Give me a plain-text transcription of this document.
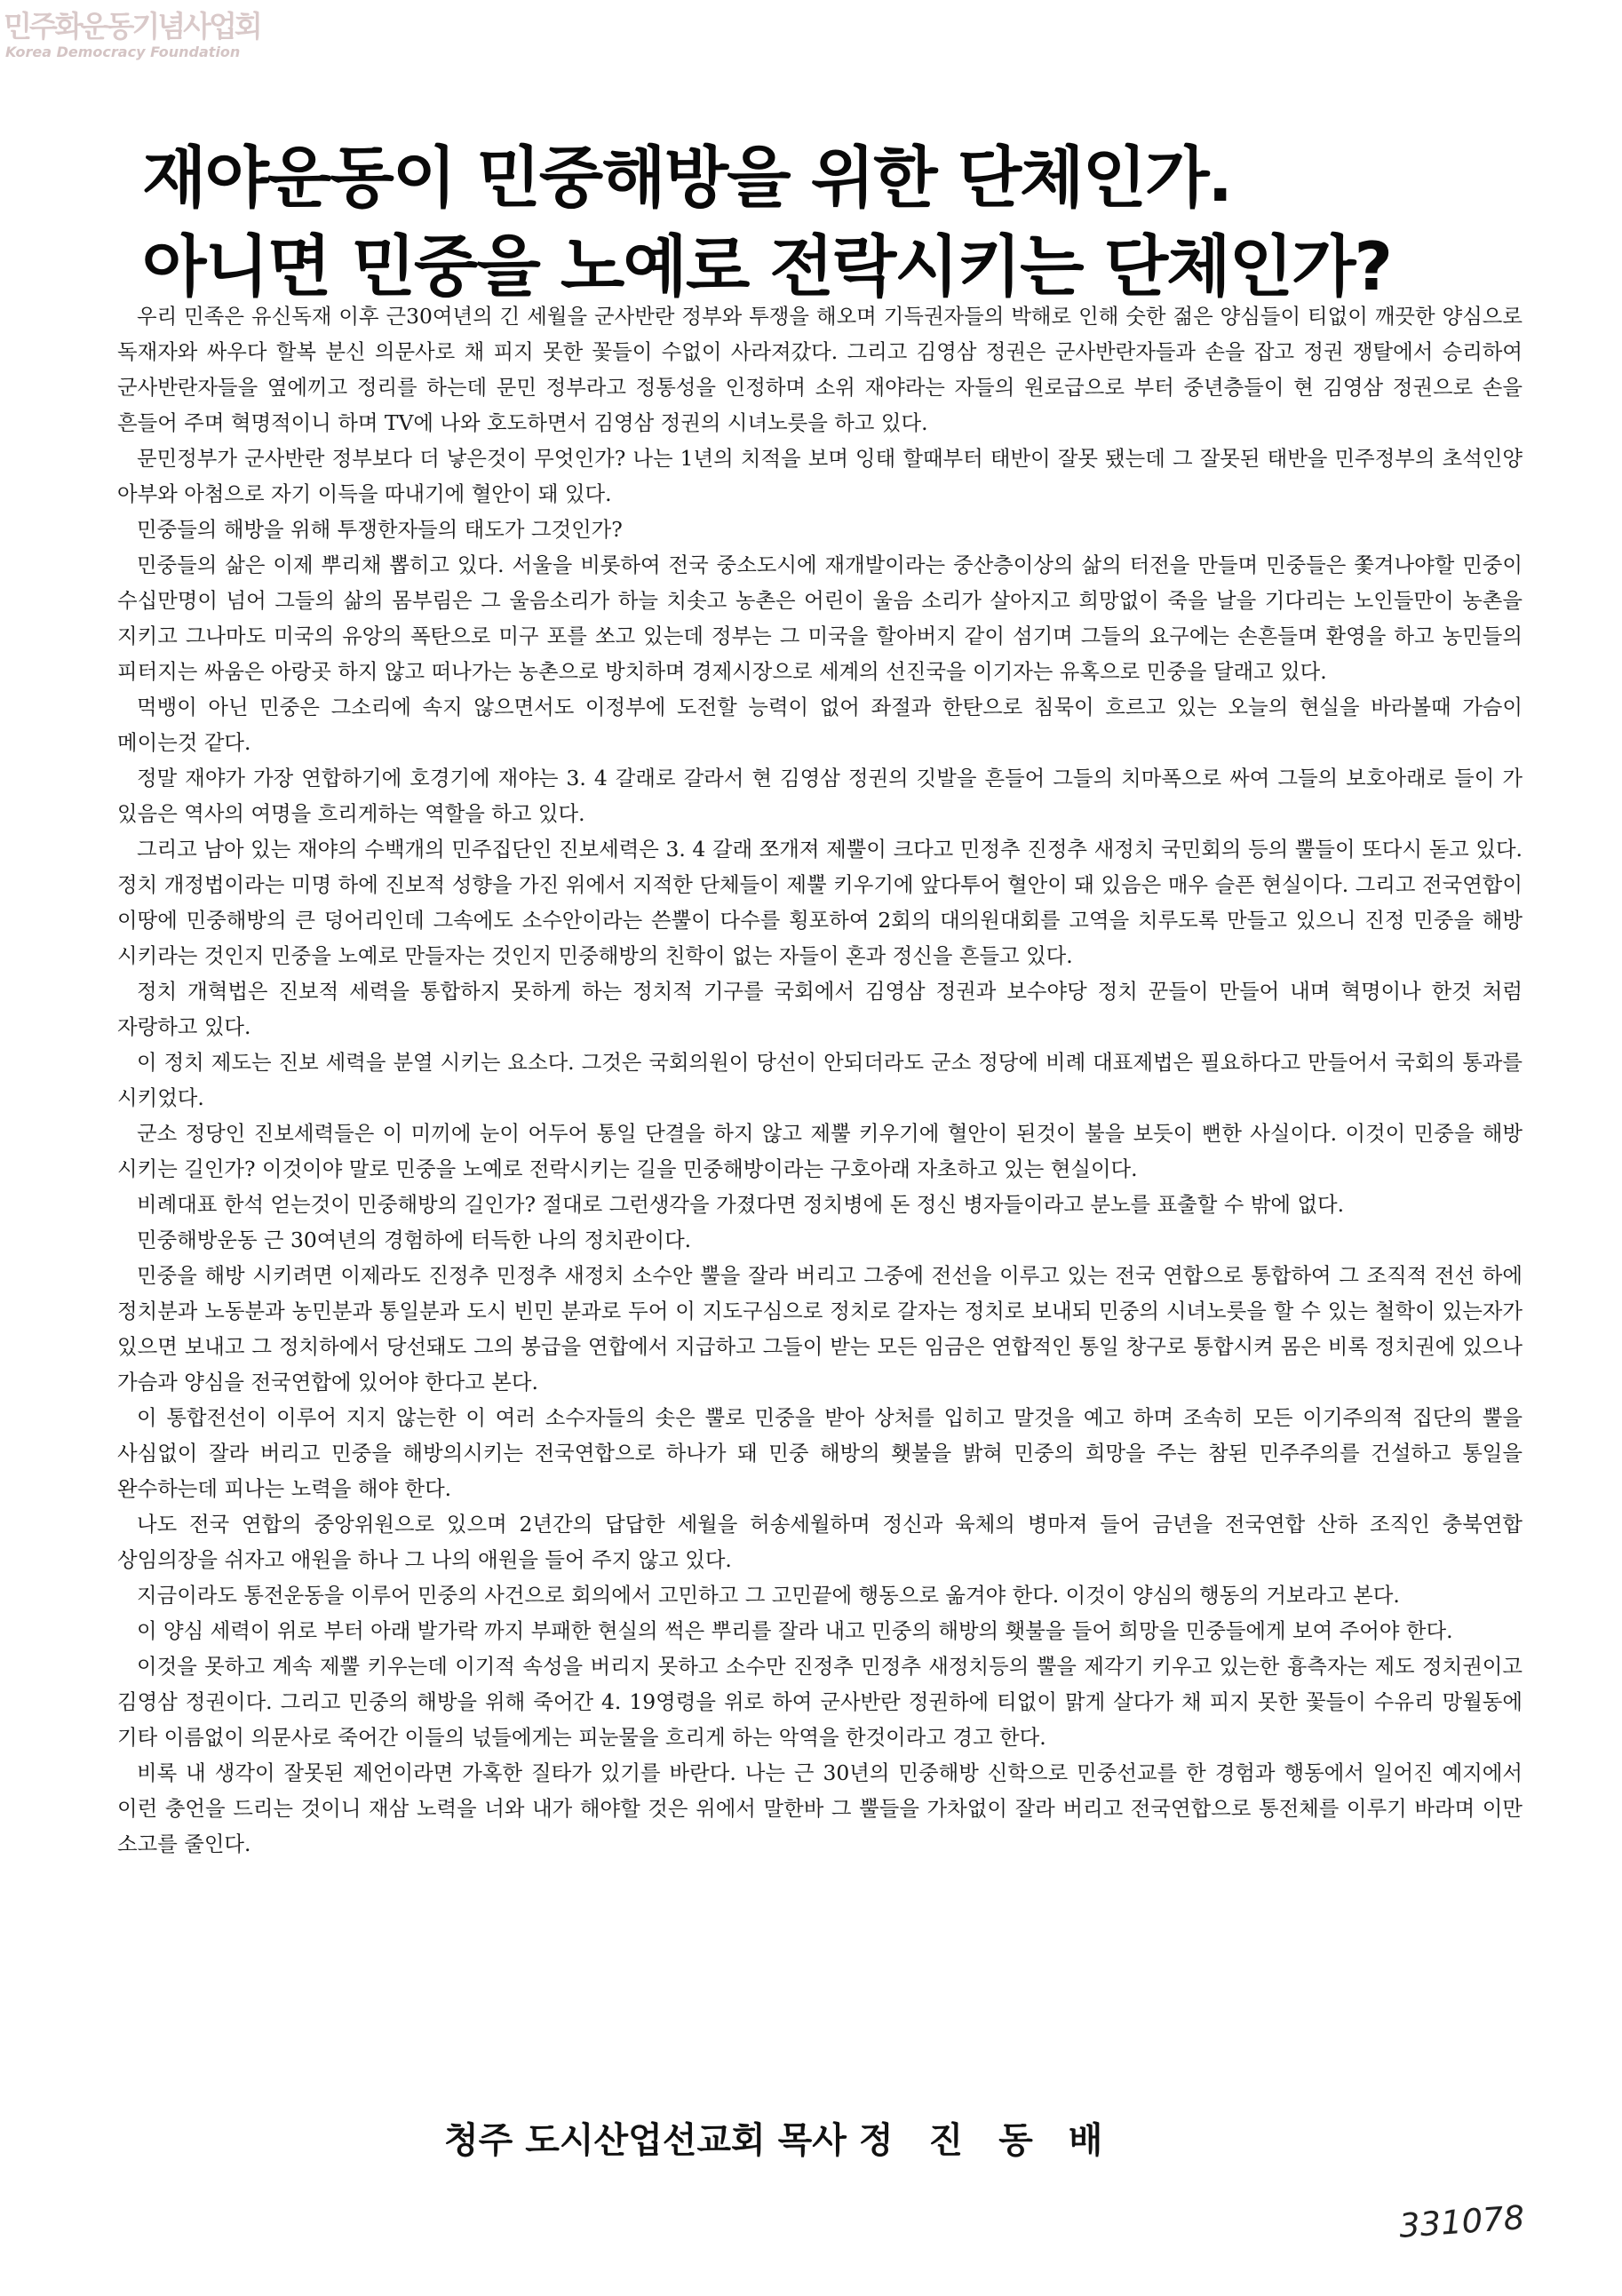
민주화운동기념사업회
Korea Democracy Foundation
재야운동이 민중해방을 위한 단체인가.
아니면 민중을 노예로 전락시키는 단체인가?

우리 민족은 유신독재 이후 근30여년의 긴 세월을 군사반란 정부와 투쟁을 해오며 기득권자들의 박해로 인해 숫한 젊은 양심들이 티없이 깨끗한 양심으로 독재자와 싸우다 할복 분신 의문사로 채 피지 못한 꽃들이 수없이 사라져갔다. 그리고 김영삼 정권은 군사반란자들과 손을 잡고 정권 쟁탈에서 승리하여 군사반란자들을 옆에끼고 정리를 하는데 문민 정부라고 정통성을 인정하며 소위 재야라는 자들의 원로급으로 부터 중년층들이 현 김영삼 정권으로 손을 흔들어 주며 혁명적이니 하며 TV에 나와 호도하면서 김영삼 정권의 시녀노릇을 하고 있다.

문민정부가 군사반란 정부보다 더 낳은것이 무엇인가? 나는 1년의 치적을 보며 잉태 할때부터 태반이 잘못 됐는데 그 잘못된 태반을 민주정부의 초석인양 아부와 아첨으로 자기 이득을 따내기에 혈안이 돼 있다.

민중들의 해방을 위해 투쟁한자들의 태도가 그것인가?

민중들의 삶은 이제 뿌리채 뽑히고 있다. 서울을 비롯하여 전국 중소도시에 재개발이라는 중산층이상의 삶의 터전을 만들며 민중들은 쫓겨나야할 민중이 수십만명이 넘어 그들의 삶의 몸부림은 그 울음소리가 하늘 치솟고 농촌은 어린이 울음 소리가 살아지고 희망없이 죽을 날을 기다리는 노인들만이 농촌을 지키고 그나마도 미국의 유앙의 폭탄으로 미구 포를 쏘고 있는데 정부는 그 미국을 할아버지 같이 섬기며 그들의 요구에는 손흔들며 환영을 하고 농민들의 피터지는 싸움은 아랑곳 하지 않고 떠나가는 농촌으로 방치하며 경제시장으로 세계의 선진국을 이기자는 유혹으로 민중을 달래고 있다.

먹뱅이 아닌 민중은 그소리에 속지 않으면서도 이정부에 도전할 능력이 없어 좌절과 한탄으로 침묵이 흐르고 있는 오늘의 현실을 바라볼때 가슴이 메이는것 같다.

정말 재야가 가장 연합하기에 호경기에 재야는 3. 4 갈래로 갈라서 현 김영삼 정권의 깃발을 흔들어 그들의 치마폭으로 싸여 그들의 보호아래로 들이 가 있음은 역사의 여명을 흐리게하는 역할을 하고 있다.

그리고 남아 있는 재야의 수백개의 민주집단인 진보세력은 3. 4 갈래 쪼개져 제뿔이 크다고 민정추 진정추 새정치 국민회의 등의 뿔들이 또다시 돋고 있다. 정치 개정법이라는 미명 하에 진보적 성향을 가진 위에서 지적한 단체들이 제뿔 키우기에 앞다투어 혈안이 돼 있음은 매우 슬픈 현실이다. 그리고 전국연합이 이땅에 민중해방의 큰 덩어리인데 그속에도 소수안이라는 쓴뿔이 다수를 횡포하여 2회의 대의원대회를 고역을 치루도록 만들고 있으니 진정 민중을 해방 시키라는 것인지 민중을 노예로 만들자는 것인지 민중해방의 친학이 없는 자들이 혼과 정신을 흔들고 있다.

정치 개혁법은 진보적 세력을 통합하지 못하게 하는 정치적 기구를 국회에서 김영삼 정권과 보수야당 정치 꾼들이 만들어 내며 혁명이나 한것 처럼 자랑하고 있다.

이 정치 제도는 진보 세력을 분열 시키는 요소다. 그것은 국회의원이 당선이 안되더라도 군소 정당에 비례 대표제법은 필요하다고 만들어서 국회의 통과를 시키었다.

군소 정당인 진보세력들은 이 미끼에 눈이 어두어 통일 단결을 하지 않고 제뿔 키우기에 혈안이 된것이 불을 보듯이 뻔한 사실이다. 이것이 민중을 해방 시키는 길인가? 이것이야 말로 민중을 노예로 전락시키는 길을 민중해방이라는 구호아래 자초하고 있는 현실이다.

비례대표 한석 얻는것이 민중해방의 길인가? 절대로 그런생각을 가졌다면 정치병에 돈 정신 병자들이라고 분노를 표출할 수 밖에 없다.

민중해방운동 근 30여년의 경험하에 터득한 나의 정치관이다.

민중을 해방 시키려면 이제라도 진정추 민정추 새정치 소수안 뿔을 잘라 버리고 그중에 전선을 이루고 있는 전국 연합으로 통합하여 그 조직적 전선 하에 정치분과 노동분과 농민분과 통일분과 도시 빈민 분과로 두어 이 지도구심으로 정치로 갈자는 정치로 보내되 민중의 시녀노릇을 할 수 있는 철학이 있는자가 있으면 보내고 그 정치하에서 당선돼도 그의 봉급을 연합에서 지급하고 그들이 받는 모든 임금은 연합적인 통일 창구로 통합시켜 몸은 비록 정치권에 있으나 가슴과 양심을 전국연합에 있어야 한다고 본다.

이 통합전선이 이루어 지지 않는한 이 여러 소수자들의 솟은 뿔로 민중을 받아 상처를 입히고 말것을 예고 하며 조속히 모든 이기주의적 집단의 뿔을 사심없이 잘라 버리고 민중을 해방의시키는 전국연합으로 하나가 돼 민중 해방의 횃불을 밝혀 민중의 희망을 주는 참된 민주주의를 건설하고 통일을 완수하는데 피나는 노력을 해야 한다.

나도 전국 연합의 중앙위원으로 있으며 2년간의 답답한 세월을 허송세월하며 정신과 육체의 병마져 들어 금년을 전국연합 산하 조직인 충북연합 상임의장을 쉬자고 애원을 하나 그 나의 애원을 들어 주지 않고 있다.

지금이라도 통전운동을 이루어 민중의 사건으로 회의에서 고민하고 그 고민끝에 행동으로 옮겨야 한다. 이것이 양심의 행동의 거보라고 본다.

이 양심 세력이 위로 부터 아래 발가락 까지 부패한 현실의 썩은 뿌리를 잘라 내고 민중의 해방의 횃불을 들어 희망을 민중들에게 보여 주어야 한다.

이것을 못하고 계속 제뿔 키우는데 이기적 속성을 버리지 못하고 소수만 진정추 민정추 새정치등의 뿔을 제각기 키우고 있는한 흉측자는 제도 정치권이고 김영삼 정권이다. 그리고 민중의 해방을 위해 죽어간 4. 19영령을 위로 하여 군사반란 정권하에 티없이 맑게 살다가 채 피지 못한 꽃들이 수유리 망월동에 기타 이름없이 의문사로 죽어간 이들의 넋들에게는 피눈물을 흐리게 하는 악역을 한것이라고 경고 한다.

비록 내 생각이 잘못된 제언이라면 가혹한 질타가 있기를 바란다. 나는 근 30년의 민중해방 신학으로 민중선교를 한 경험과 행동에서 일어진 예지에서 이런 충언을 드리는 것이니 재삼 노력을 너와 내가 해야할 것은 위에서 말한바 그 뿔들을 가차없이 잘라 버리고 전국연합으로 통전체를 이루기 바라며 이만 소고를 줄인다.

청주 도시산업선교회 목사 정　진　동　배
331078
